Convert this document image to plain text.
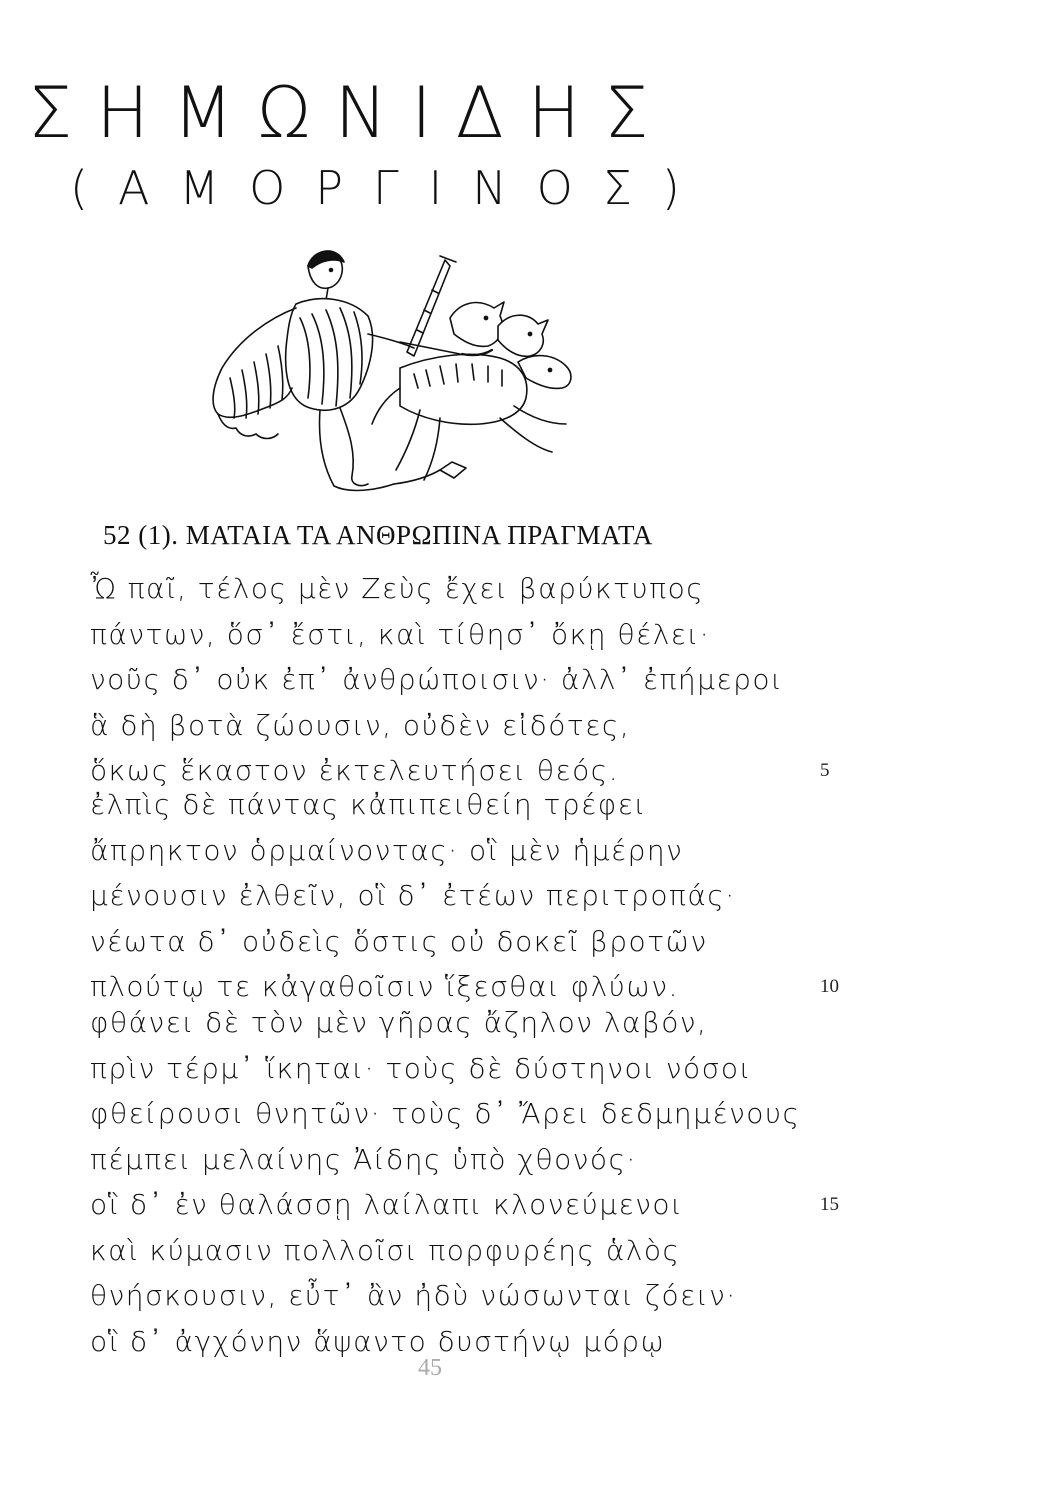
ΣΗΜΩΝΙΔΗΣ
(ΑΜΟΡΓΙΝΟΣ)
52 (1). ΜΑΤΑΙΑ ΤΑ ΑΝΘΡΩΠΙΝΑ ΠΡΑΓΜΑΤΑ
Ὦ παῖ, τέλος μὲν Ζεὺς ἔχει βαρύκτυπος
πάντων, ὅσ᾽ ἔστι, καὶ τίθησ᾽ ὄκῃ θέλει·
νοῦς δ᾽ οὐκ ἐπ᾽ ἀνθρώποισιν· ἀλλ᾽ ἐπήμεροι
ἃ δὴ βοτὰ ζώουσιν, οὐδὲν εἰδότες,
ὅκως ἕκαστον ἐκτελευτήσει θεός.	5
ἐλπὶς δὲ πάντας κἀπιπειθείη τρέφει
ἄπρηκτον ὁρμαίνοντας· οἳ μὲν ἡμέρην
μένουσιν ἐλθεῖν, οἳ δ᾽ ἐτέων περιτροπάς·
νέωτα δ᾽ οὐδεὶς ὅστις οὐ δοκεῖ βροτῶν
πλούτῳ τε κἀγαθοῖσιν ἵξεσθαι φλύων.	10
φθάνει δὲ τὸν μὲν γῆρας ἄζηλον λαβόν,
πρὶν τέρμ᾽ ἵκηται· τοὺς δὲ δύστηνοι νόσοι
φθείρουσι θνητῶν· τοὺς δ᾽ Ἄρει δεδμημένους
πέμπει μελαίνης Ἀίδης ὑπὸ χθονός·
οἳ δ᾽ ἐν θαλάσσῃ λαίλαπι κλονεύμενοι	15
καὶ κύμασιν πολλοῖσι πορφυρέης ἁλὸς
θνήσκουσιν, εὖτ᾽ ἂν ἠδὺ νώσωνται ζόειν·
οἳ δ᾽ ἀγχόνην ἅψαντο δυστήνῳ μόρῳ
45
